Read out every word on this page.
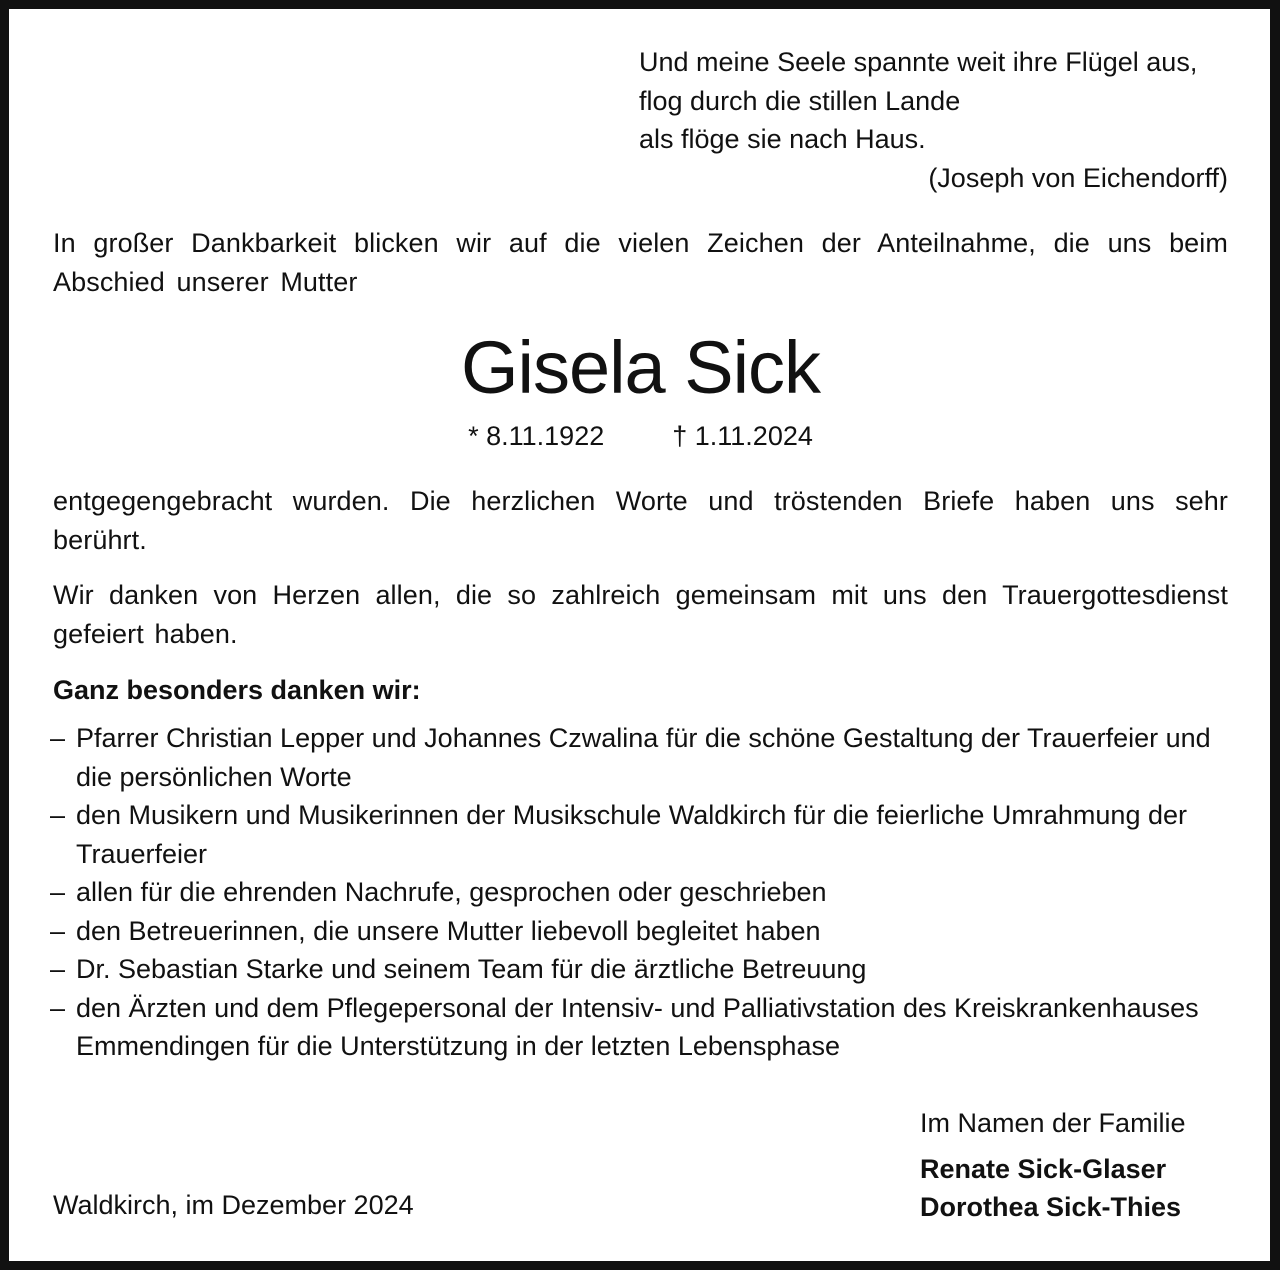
Und meine Seele spannte weit ihre Flügel aus,
flog durch die stillen Lande
als flöge sie nach Haus.
(Joseph von Eichendorff)
In großer Dankbarkeit blicken wir auf die vielen Zeichen der Anteilnahme, die uns beim Abschied unserer Mutter
Gisela Sick
* 8.11.1922	† 1.11.2024
entgegengebracht wurden. Die herzlichen Worte und tröstenden Briefe haben uns sehr berührt.
Wir danken von Herzen allen, die so zahlreich gemeinsam mit uns den Trauergottesdienst gefeiert haben.
Ganz besonders danken wir:
– Pfarrer Christian Lepper und Johannes Czwalina für die schöne Gestaltung der Trauerfeier und die persönlichen Worte
– den Musikern und Musikerinnen der Musikschule Waldkirch für die feierliche Umrahmung der Trauerfeier
– allen für die ehrenden Nachrufe, gesprochen oder geschrieben
– den Betreuerinnen, die unsere Mutter liebevoll begleitet haben
– Dr. Sebastian Starke und seinem Team für die ärztliche Betreuung
– den Ärzten und dem Pflegepersonal der Intensiv- und Palliativstation des Kreiskrankenhauses Emmendingen für die Unterstützung in der letzten Lebensphase
Im Namen der Familie
Renate Sick-Glaser
Dorothea Sick-Thies
Waldkirch, im Dezember 2024
